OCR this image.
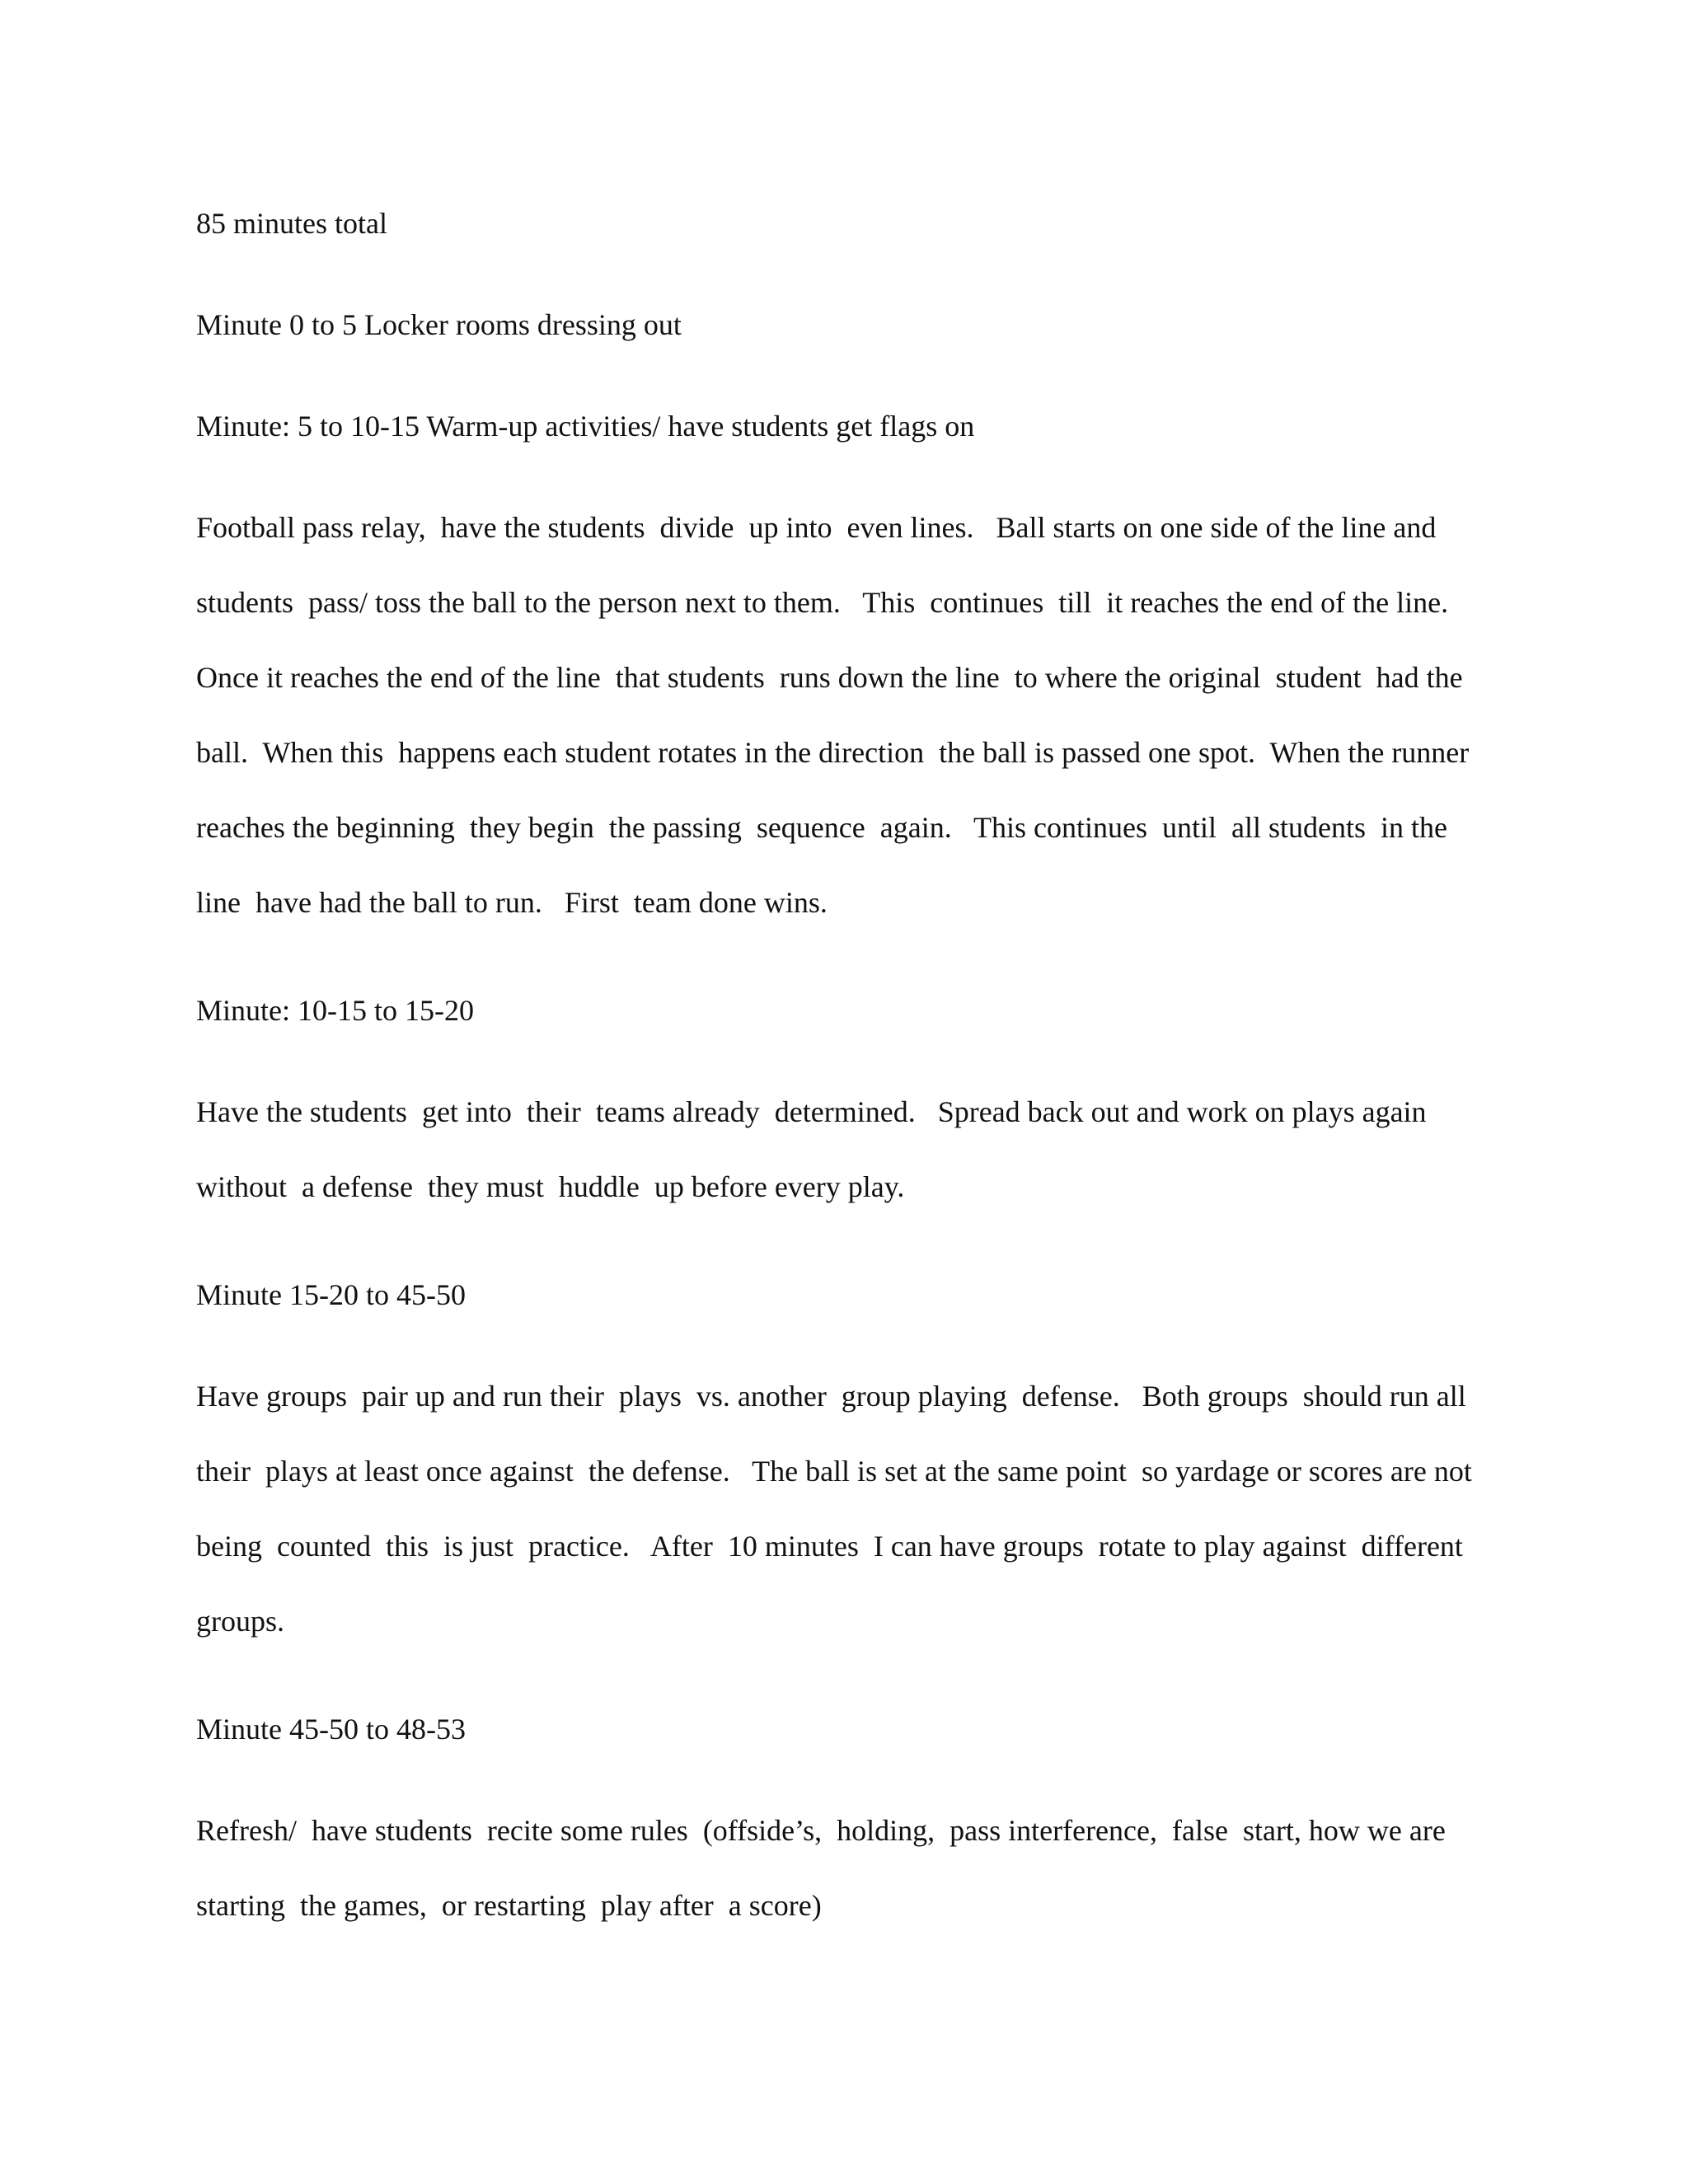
85 minutes total

Minute 0 to 5 Locker rooms dressing out

Minute: 5 to 10-15 Warm-up activities/ have students get flags on

Football pass relay,  have the students  divide  up into  even lines.   Ball starts on one side of the line and students  pass/ toss the ball to the person next to them.   This  continues  till  it reaches the end of the line.   Once it reaches the end of the line  that students  runs down the line  to where the original  student  had the ball.  When this  happens each student rotates in the direction  the ball is passed one spot.  When the runner  reaches the beginning  they begin  the passing  sequence  again.   This continues  until  all students  in the line  have had the ball to run.   First  team done wins.

Minute: 10-15 to 15-20

Have the students  get into  their  teams already  determined.   Spread back out and work on plays again  without  a defense  they must  huddle  up before every play.

Minute 15-20 to 45-50

Have groups  pair up and run their  plays  vs. another  group playing  defense.   Both groups  should run all their  plays at least once against  the defense.   The ball is set at the same point  so yardage or scores are not being  counted  this  is just  practice.   After  10 minutes  I can have groups  rotate to play against  different  groups.

Minute 45-50 to 48-53

Refresh/  have students  recite some rules  (offside’s,  holding,  pass interference,  false  start, how we are starting  the games,  or restarting  play after  a score)
